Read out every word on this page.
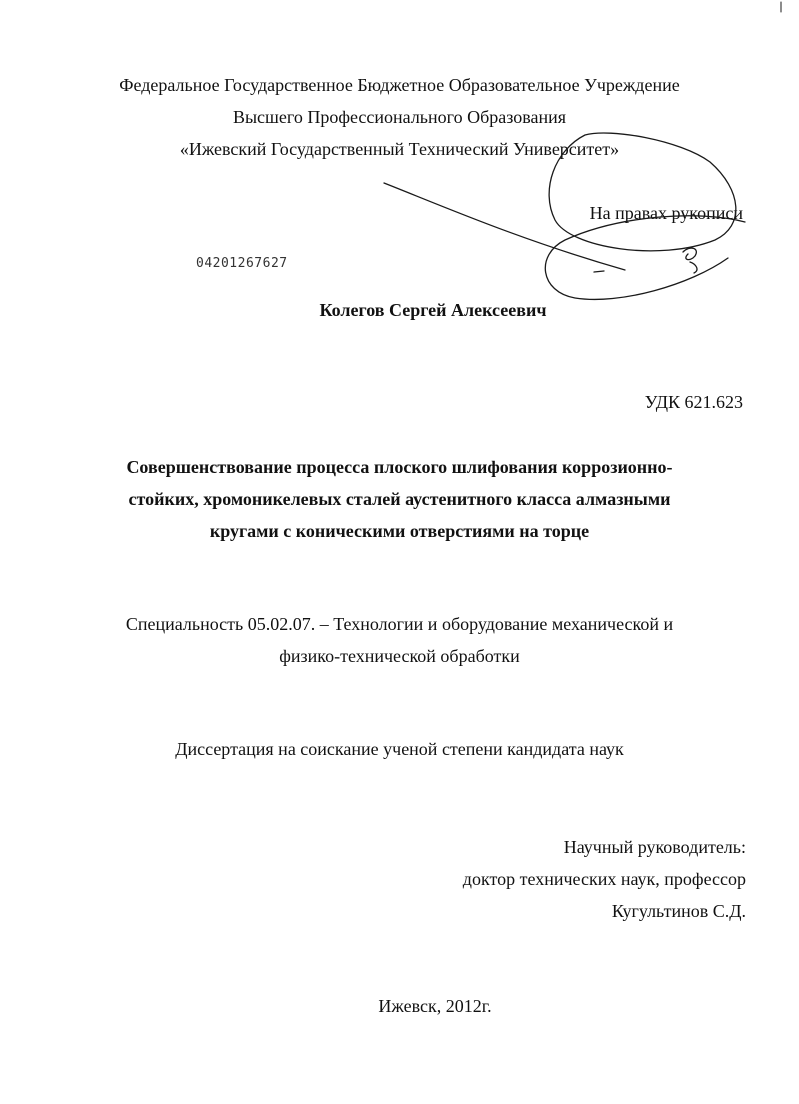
Федеральное Государственное Бюджетное Образовательное Учреждение
Высшего Профессионального Образования
«Ижевский Государственный Технический Университет»
На правах рукописи
04201267627
Колегов Сергей Алексеевич
УДК 621.623
Совершенствование процесса плоского шлифования коррозионно-
стойких, хромоникелевых сталей аустенитного класса алмазными
кругами с коническими отверстиями на торце
Специальность 05.02.07. – Технологии и оборудование механической и
физико-технической обработки
Диссертация на соискание ученой степени кандидата наук
Научный руководитель:
доктор технических наук, профессор
Кугультинов С.Д.
Ижевск, 2012г.
